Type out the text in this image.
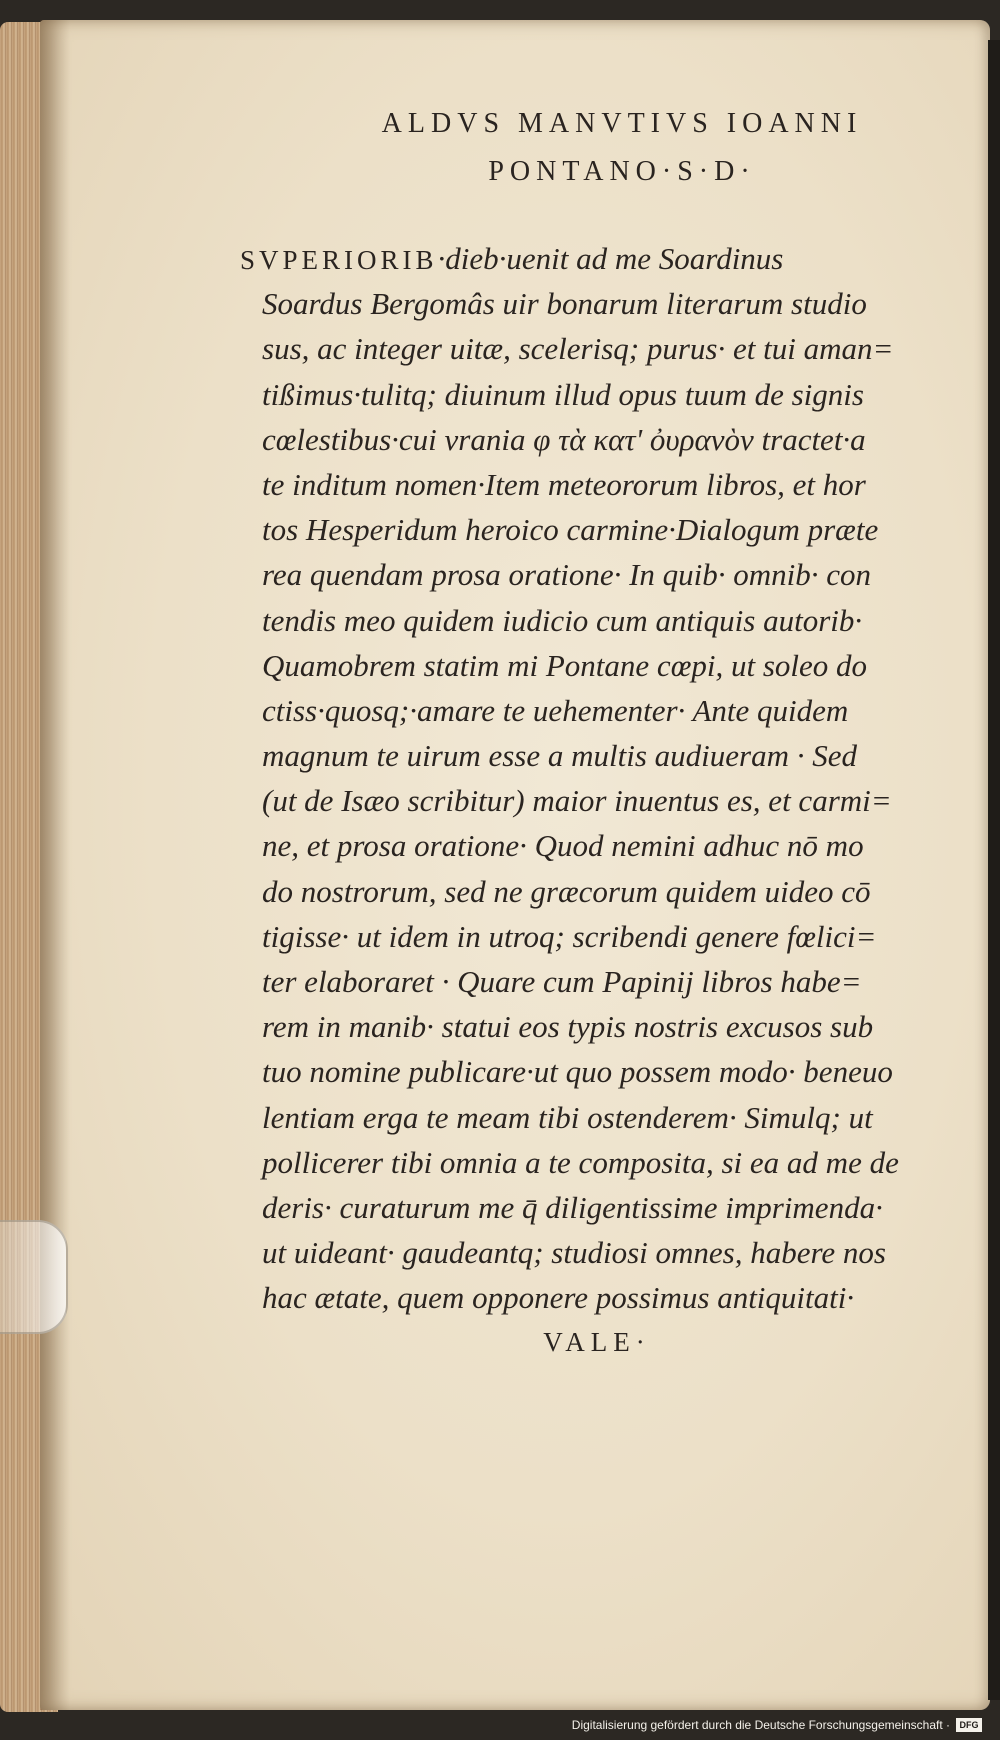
ALDVS MANVTIVS IOANNI
PONTANO·S·D·
SVPERIORIB·dieb·uenit ad me Soardinus
Soardus Bergomâs uir bonarum literarum studio
sus, ac integer uitæ, scelerisq; purus· et tui aman=
tißimus·tulitq; diuinum illud opus tuum de signis
cœlestibus·cui vrania φ τὰ κατ' ὀυρανὸν tractet·a
te inditum nomen·Item meteororum libros, et hor
tos Hesperidum heroico carmine·Dialogum præte
rea quendam prosa oratione· In quib· omnib· con
tendis meo quidem iudicio cum antiquis autorib·
Quamobrem statim mi Pontane cœpi, ut soleo do
ctiss·quosq;·amare te uehementer· Ante quidem
magnum te uirum esse a multis audiueram · Sed
(ut de Isæo scribitur) maior inuentus es, et carmi=
ne, et prosa oratione· Quod nemini adhuc nō mo
do nostrorum, sed ne græcorum quidem uideo cō
tigisse· ut idem in utroq; scribendi genere fœlici=
ter elaboraret · Quare cum Papinij libros habe=
rem in manib· statui eos typis nostris excusos sub
tuo nomine publicare·ut quo possem modo· beneuo
lentiam erga te meam tibi ostenderem· Simulq; ut
pollicerer tibi omnia a te composita, si ea ad me de
deris· curaturum me q̄ diligentissime imprimenda·
ut uideant· gaudeantq; studiosi omnes, habere nos
hac ætate, quem opponere possimus antiquitati·
VALE·
Digitalisierung gefördert durch die Deutsche Forschungsgemeinschaft ·	DFG
